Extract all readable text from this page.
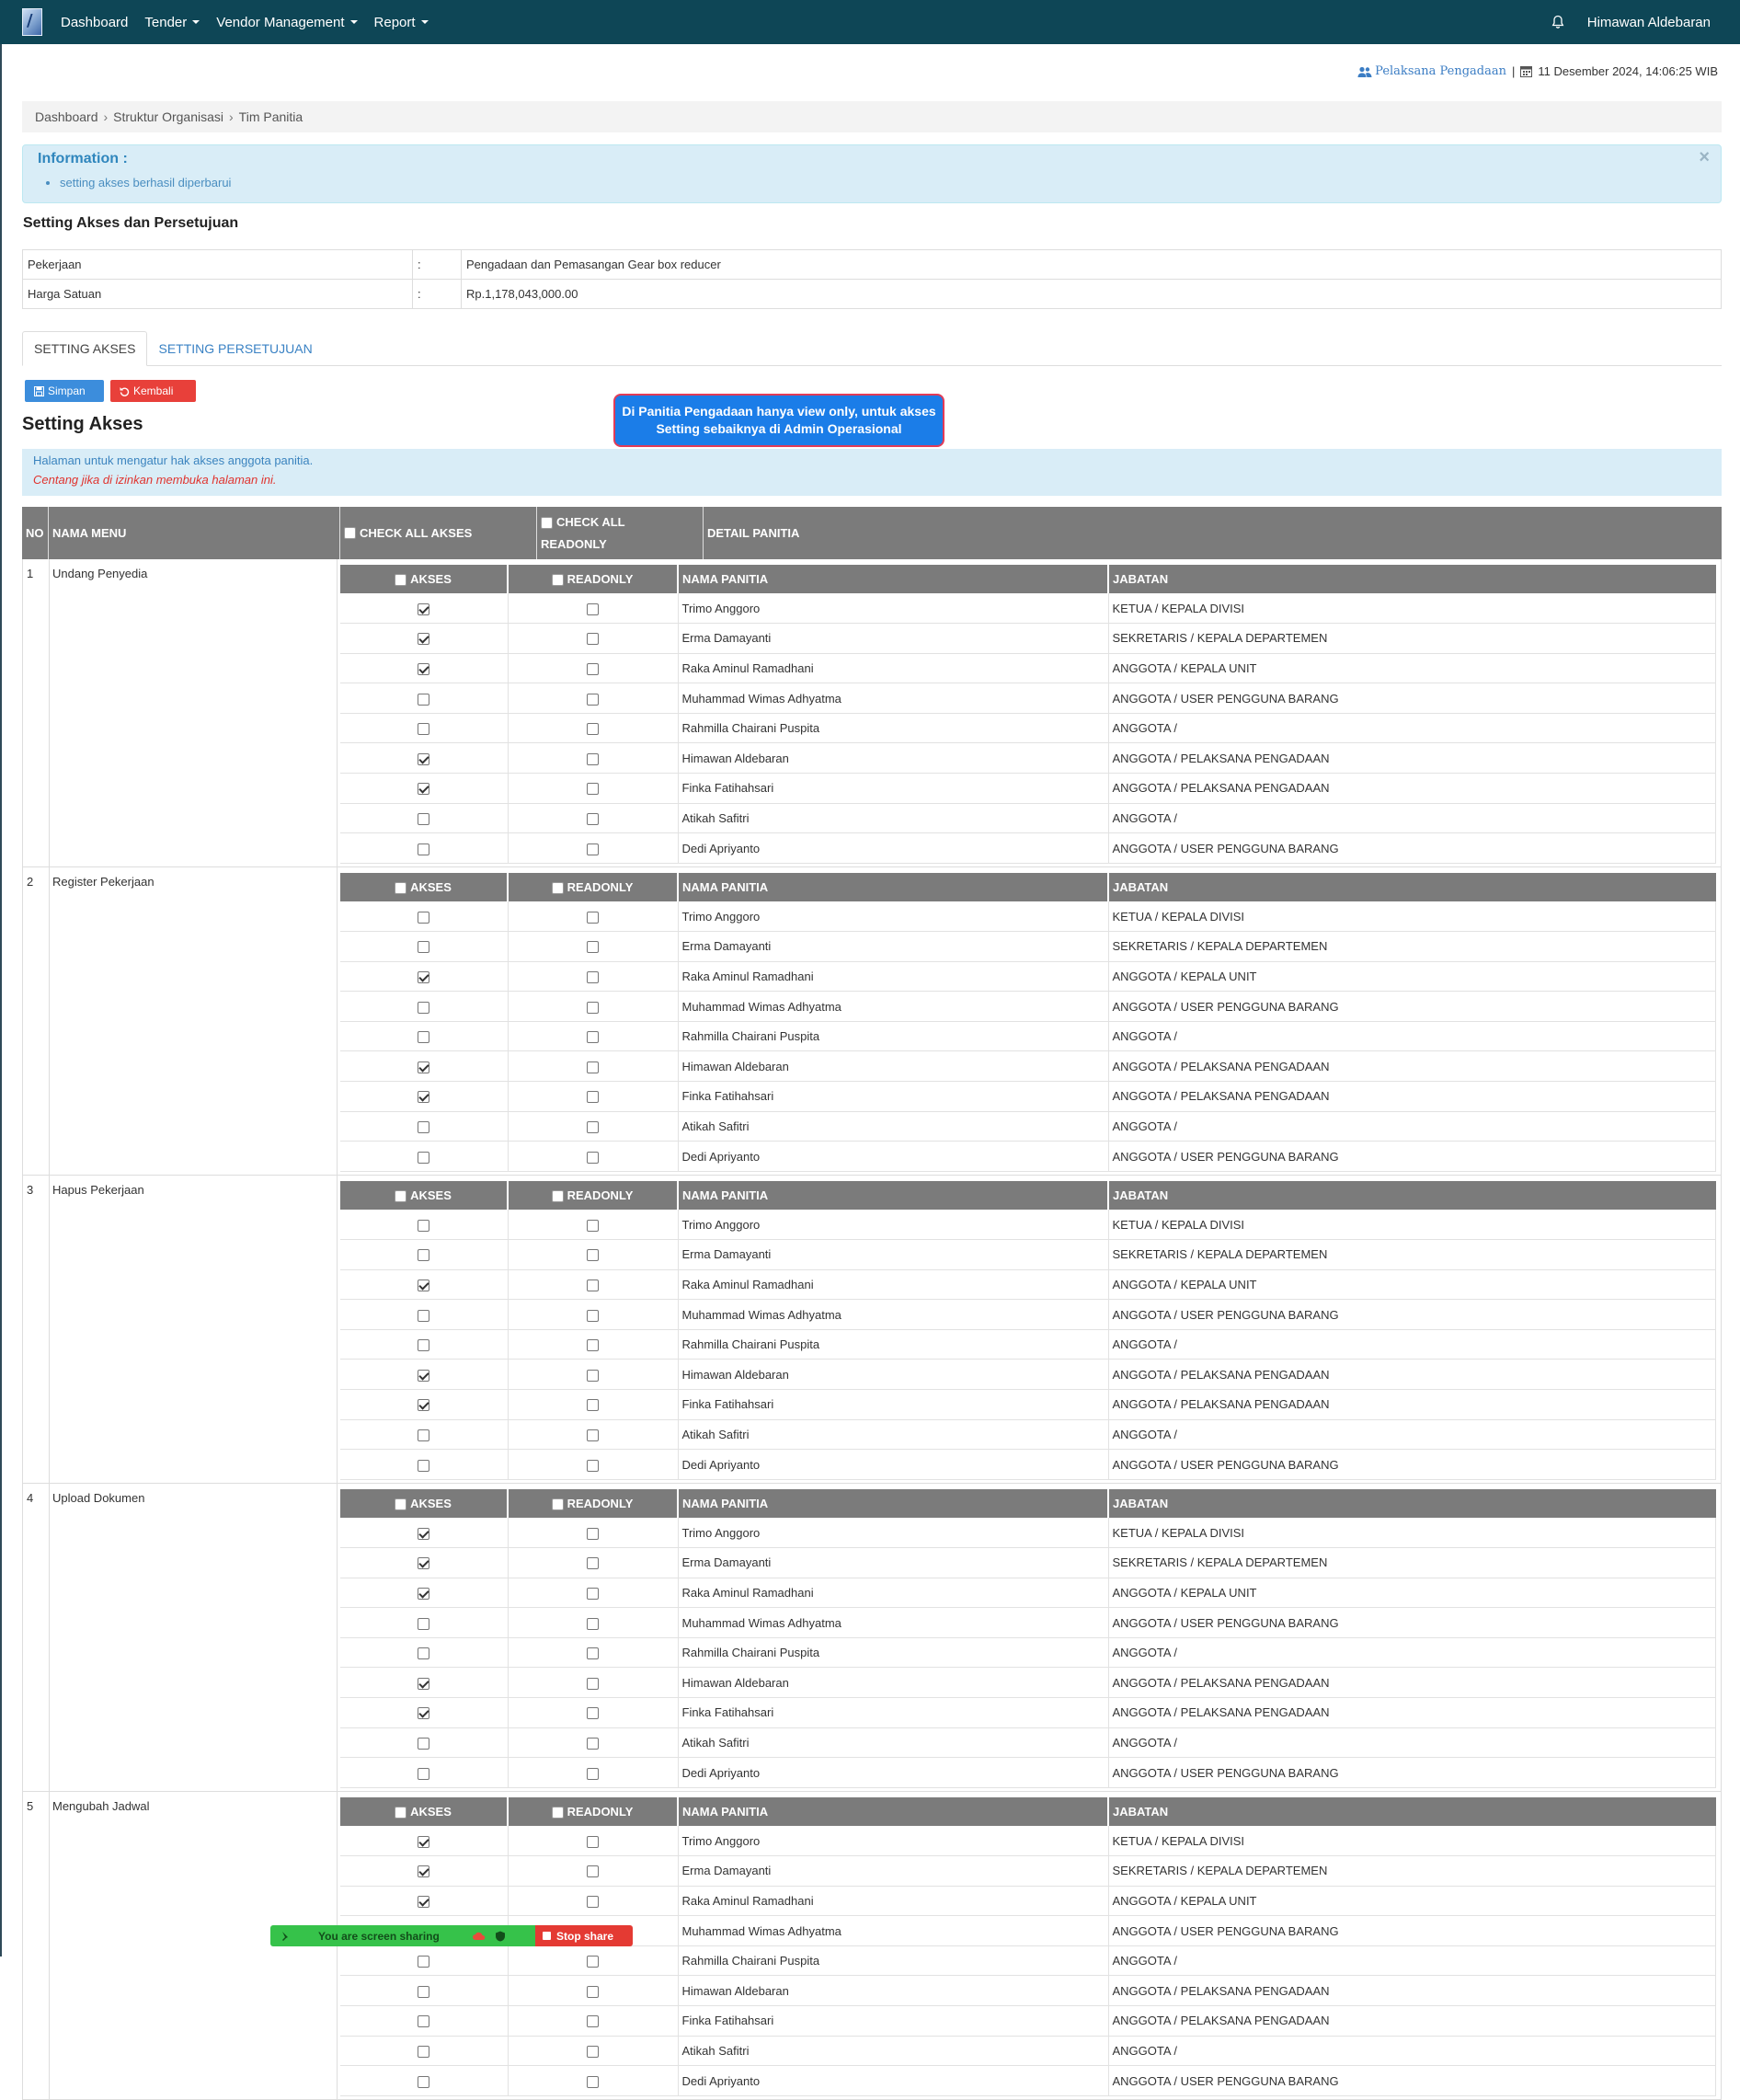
/ Dashboard Tender Vendor Management Report	Himawan Aldebaran
Pelaksana Pengadaan | 11 Desember 2024, 14:06:25 WIB
Dashboard › Struktur Organisasi › Tim Panitia
Information :
• setting akses berhasil diperbarui
×
Setting Akses dan Persetujuan
Pekerjaan	:	Pengadaan dan Pemasangan Gear box reducer
Harga Satuan	:	Rp.1,178,043,000.00
SETTING AKSES	SETTING PERSETUJUAN
Simpan	Kembali
Setting Akses
Di Panitia Pengadaan hanya view only, untuk akses Setting sebaiknya di Admin Operasional
Halaman untuk mengatur hak akses anggota panitia.
Centang jika di izinkan membuka halaman ini.
NO NAMA MENU	CHECK ALL AKSES
CHECK ALL
READONLY
DETAIL PANITIA
1 Undang Penyedia	AKSES	READONLY	NAMA PANITIA	JABATAN
		Trimo Anggoro	KETUA / KEPALA DIVISI
		Erma Damayanti	SEKRETARIS / KEPALA DEPARTEMEN
		Raka Aminul Ramadhani	ANGGOTA / KEPALA UNIT
		Muhammad Wimas Adhyatma	ANGGOTA / USER PENGGUNA BARANG
		Rahmilla Chairani Puspita	ANGGOTA /
		Himawan Aldebaran	ANGGOTA / PELAKSANA PENGADAAN
		Finka Fatihahsari	ANGGOTA / PELAKSANA PENGADAAN
		Atikah Safitri	ANGGOTA /
		Dedi Apriyanto	ANGGOTA / USER PENGGUNA BARANG
2 Register Pekerjaan	AKSES	READONLY	NAMA PANITIA	JABATAN
		Trimo Anggoro	KETUA / KEPALA DIVISI
		Erma Damayanti	SEKRETARIS / KEPALA DEPARTEMEN
		Raka Aminul Ramadhani	ANGGOTA / KEPALA UNIT
		Muhammad Wimas Adhyatma	ANGGOTA / USER PENGGUNA BARANG
		Rahmilla Chairani Puspita	ANGGOTA /
		Himawan Aldebaran	ANGGOTA / PELAKSANA PENGADAAN
		Finka Fatihahsari	ANGGOTA / PELAKSANA PENGADAAN
		Atikah Safitri	ANGGOTA /
		Dedi Apriyanto	ANGGOTA / USER PENGGUNA BARANG
3 Hapus Pekerjaan	AKSES	READONLY	NAMA PANITIA	JABATAN
		Trimo Anggoro	KETUA / KEPALA DIVISI
		Erma Damayanti	SEKRETARIS / KEPALA DEPARTEMEN
		Raka Aminul Ramadhani	ANGGOTA / KEPALA UNIT
		Muhammad Wimas Adhyatma	ANGGOTA / USER PENGGUNA BARANG
		Rahmilla Chairani Puspita	ANGGOTA /
		Himawan Aldebaran	ANGGOTA / PELAKSANA PENGADAAN
		Finka Fatihahsari	ANGGOTA / PELAKSANA PENGADAAN
		Atikah Safitri	ANGGOTA /
		Dedi Apriyanto	ANGGOTA / USER PENGGUNA BARANG
4 Upload Dokumen	AKSES	READONLY	NAMA PANITIA	JABATAN
		Trimo Anggoro	KETUA / KEPALA DIVISI
		Erma Damayanti	SEKRETARIS / KEPALA DEPARTEMEN
		Raka Aminul Ramadhani	ANGGOTA / KEPALA UNIT
		Muhammad Wimas Adhyatma	ANGGOTA / USER PENGGUNA BARANG
		Rahmilla Chairani Puspita	ANGGOTA /
		Himawan Aldebaran	ANGGOTA / PELAKSANA PENGADAAN
		Finka Fatihahsari	ANGGOTA / PELAKSANA PENGADAAN
		Atikah Safitri	ANGGOTA /
		Dedi Apriyanto	ANGGOTA / USER PENGGUNA BARANG
5 Mengubah Jadwal	AKSES	READONLY	NAMA PANITIA	JABATAN
		Trimo Anggoro	KETUA / KEPALA DIVISI
		Erma Damayanti	SEKRETARIS / KEPALA DEPARTEMEN
		Raka Aminul Ramadhani	ANGGOTA / KEPALA UNIT
		Muhammad Wimas Adhyatma	ANGGOTA / USER PENGGUNA BARANG
		Rahmilla Chairani Puspita	ANGGOTA /
		Himawan Aldebaran	ANGGOTA / PELAKSANA PENGADAAN
		Finka Fatihahsari	ANGGOTA / PELAKSANA PENGADAAN
		Atikah Safitri	ANGGOTA /
		Dedi Apriyanto	ANGGOTA / USER PENGGUNA BARANG
You are screen sharing	Stop share
